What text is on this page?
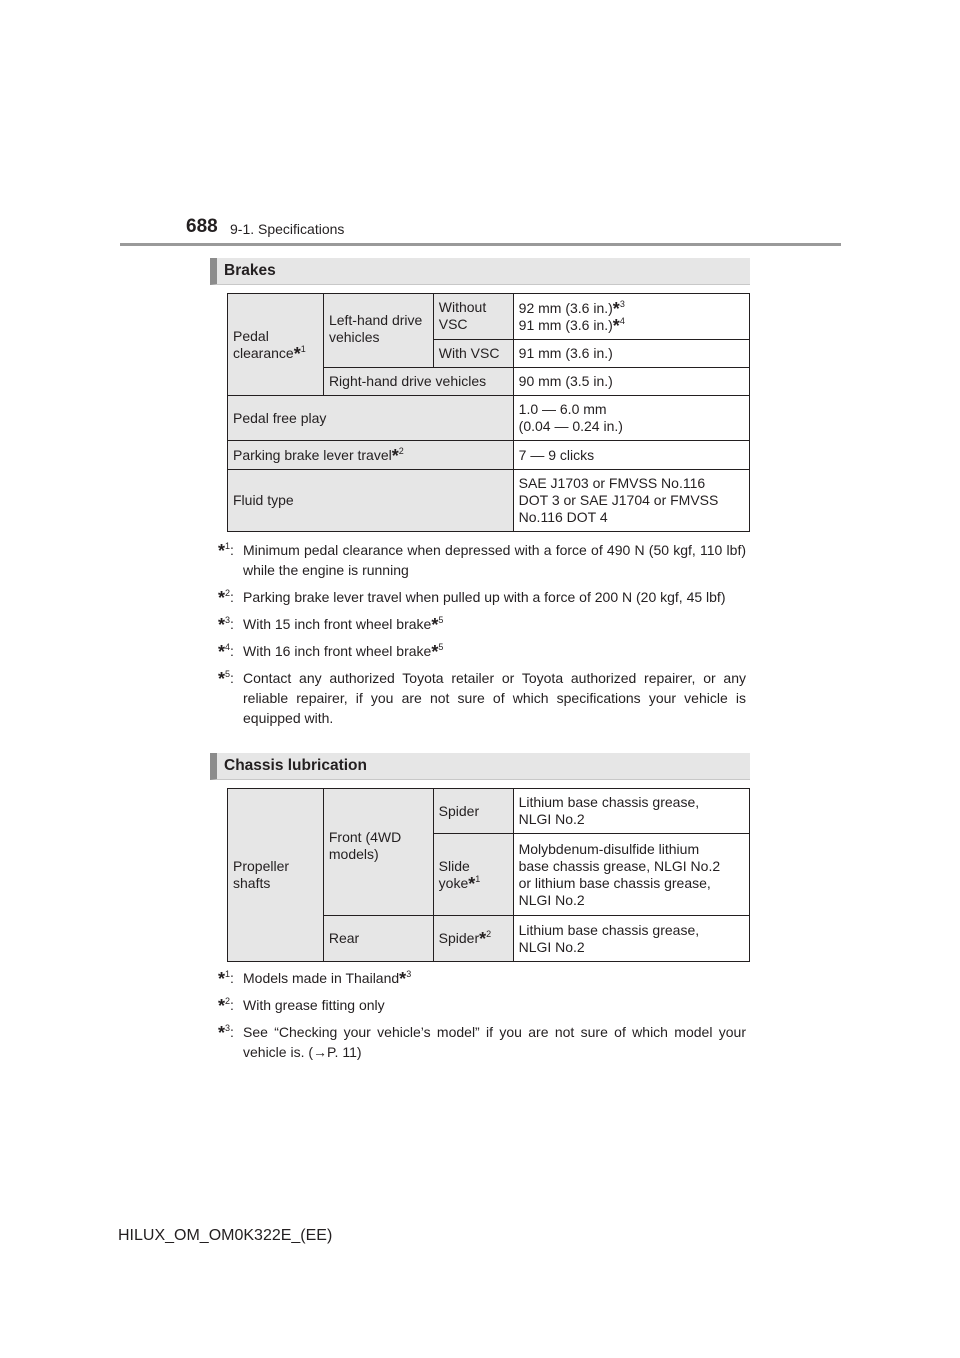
688 9-1. Specifications
Brakes
Pedal clearance*$^1$	Left-hand drive vehicles	Without VSC	92 mm (3.6 in.)*$^3$
91 mm (3.6 in.)*$^4$

		With VSC	91 mm (3.6 in.)
	Right-hand drive vehicles		90 mm (3.5 in.)
Pedal free play			1.0 — 6.0 mm
(0.04 — 0.24 in.)

Parking brake lever travel*$^2$			7 — 9 clicks
Fluid type			SAE J1703 or FMVSS No.116
DOT 3 or SAE J1704 or FMVSS
No.116 DOT 4
*$^1$: Minimum pedal clearance when depressed with a force of 490 N (50 kgf, 110 lbf) while the engine is running
*$^2$: Parking brake lever travel when pulled up with a force of 200 N (20 kgf, 45 lbf)
*$^3$: With 15 inch front wheel brake*$^5$
*$^4$: With 16 inch front wheel brake*$^5$
*$^5$: Contact any authorized Toyota retailer or Toyota authorized repairer, or any reliable repairer, if you are not sure of which specifications your vehicle is equipped with.
Chassis lubrication
Propeller shafts	Front (4WD models)	Spider	Lithium base chassis grease,
NLGI No.2

		Slide yoke*$^1$	Molybdenum-disulfide lithium
base chassis grease, NLGI No.2
or lithium base chassis grease,
NLGI No.2

	Rear	Spider*$^2$	Lithium base chassis grease,
NLGI No.2
*$^1$: Models made in Thailand*$^3$
*$^2$: With grease fitting only
*$^3$: See “Checking your vehicle’s model” if you are not sure of which model your vehicle is. (→P. 11)
HILUX_OM_OM0K322E_(EE)
